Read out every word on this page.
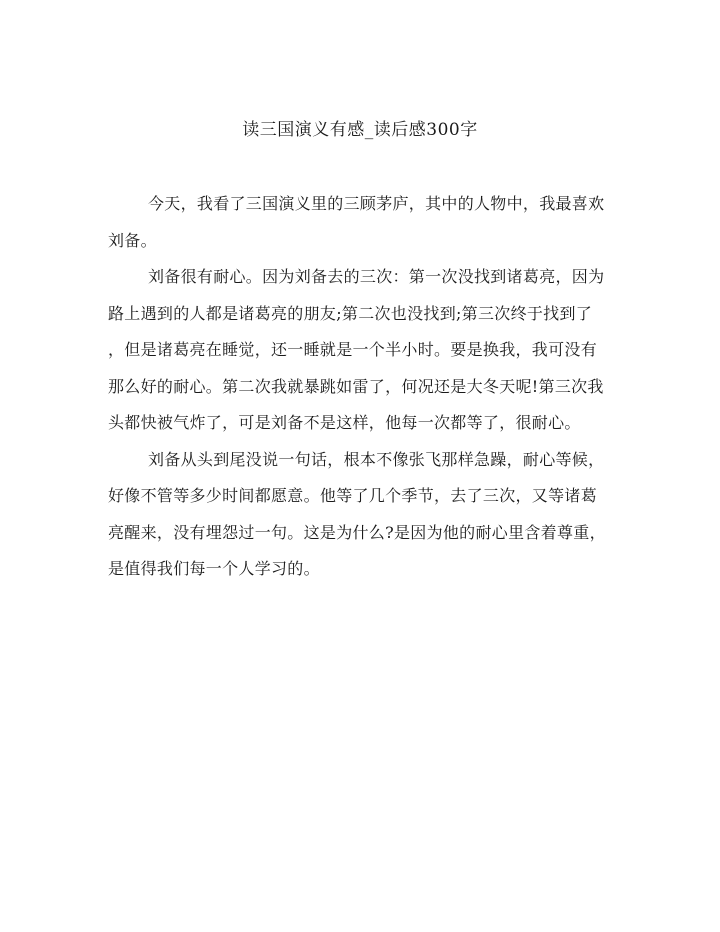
读三国演义有感_读后感300字

今天，我看了三国演义里的三顾茅庐，其中的人物中，我最喜欢
刘备。

刘备很有耐心。因为刘备去的三次：第一次没找到诸葛亮，因为
路上遇到的人都是诸葛亮的朋友;第二次也没找到;第三次终于找到了
，但是诸葛亮在睡觉，还一睡就是一个半小时。要是换我，我可没有
那么好的耐心。第二次我就暴跳如雷了，何况还是大冬天呢!第三次我
头都快被气炸了，可是刘备不是这样，他每一次都等了，很耐心。

刘备从头到尾没说一句话，根本不像张飞那样急躁，耐心等候，
好像不管等多少时间都愿意。他等了几个季节，去了三次，又等诸葛
亮醒来，没有埋怨过一句。这是为什么?是因为他的耐心里含着尊重，
是值得我们每一个人学习的。
